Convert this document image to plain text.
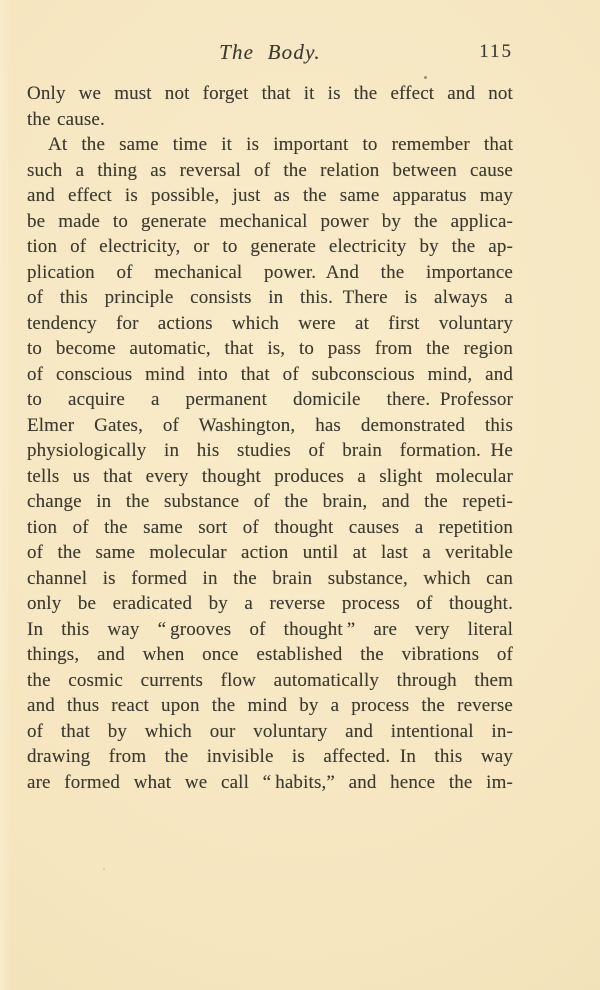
The Body.	115
Only we must not forget that it is the effect and not
the cause.
At the same time it is important to remember that
such a thing as reversal of the relation between cause
and effect is possible, just as the same apparatus may
be made to generate mechanical power by the applica-
tion of electricity, or to generate electricity by the ap-
plication of mechanical power. And the importance
of this principle consists in this. There is always a
tendency for actions which were at first voluntary
to become automatic, that is, to pass from the region
of conscious mind into that of subconscious mind, and
to acquire a permanent domicile there. Professor
Elmer Gates, of Washington, has demonstrated this
physiologically in his studies of brain formation. He
tells us that every thought produces a slight molecular
change in the substance of the brain, and the repeti-
tion of the same sort of thought causes a repetition
of the same molecular action until at last a veritable
channel is formed in the brain substance, which can
only be eradicated by a reverse process of thought.
In this way “ grooves of thought ” are very literal
things, and when once established the vibrations of
the cosmic currents flow automatically through them
and thus react upon the mind by a process the reverse
of that by which our voluntary and intentional in-
drawing from the invisible is affected. In this way
are formed what we call “ habits,” and hence the im-
